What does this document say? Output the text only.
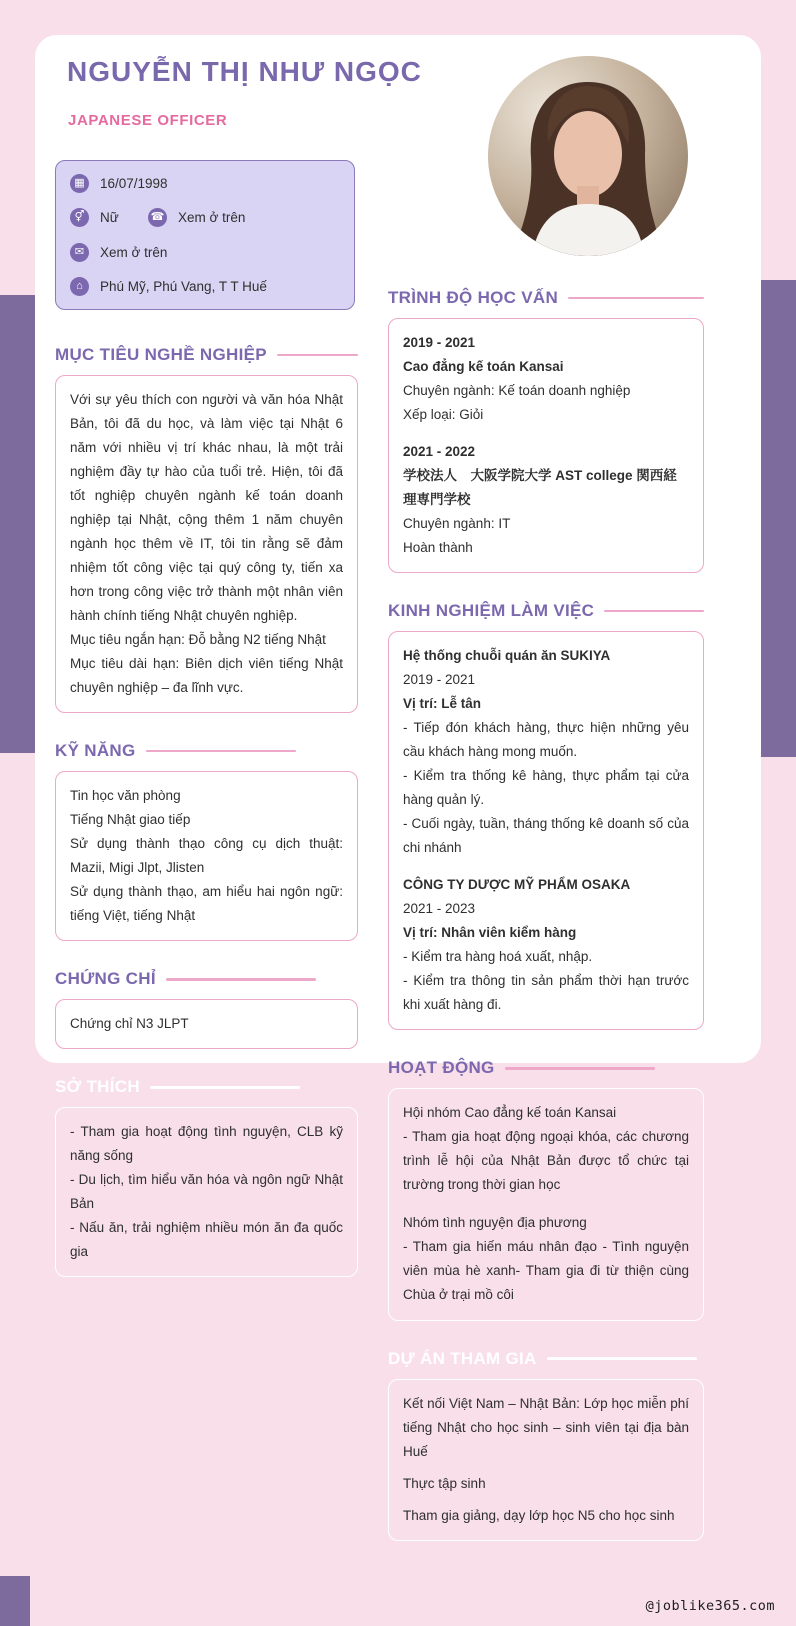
NGUYỄN THỊ NHƯ NGỌC
JAPANESE OFFICER
▦	16/07/1998
⚥	Nữ	☎ Xem ở trên
✉	Xem ở trên
⌂	Phú Mỹ, Phú Vang, T T Huế
MỤC TIÊU NGHỀ NGHIỆP

Với sự yêu thích con người và văn hóa Nhật Bản, tôi đã du học, và làm việc tại Nhật 6 năm với nhiều vị trí khác nhau, là một trải nghiệm đầy tự hào của tuổi trẻ. Hiện, tôi đã tốt nghiệp chuyên ngành kế toán doanh nghiệp tại Nhật, cộng thêm 1 năm chuyên ngành học thêm về IT, tôi tin rằng sẽ đảm nhiệm tốt công việc tại quý công ty, tiến xa hơn trong công việc trở thành một nhân viên hành chính tiếng Nhật chuyên nghiệp.

Mục tiêu ngắn hạn: Đỗ bằng N2 tiếng Nhật

Mục tiêu dài hạn: Biên dịch viên tiếng Nhật chuyên nghiệp – đa lĩnh vực.

KỸ NĂNG
Tin học văn phòng
Tiếng Nhật giao tiếp
Sử dụng thành thạo công cụ dịch thuật: Mazii, Migi Jlpt, Jlisten
Sử dụng thành thạo, am hiểu hai ngôn ngữ: tiếng Việt, tiếng Nhật
CHỨNG CHỈ
Chứng chỉ N3 JLPT
SỞ THÍCH
- Tham gia hoạt động tình nguyện, CLB kỹ năng sống
- Du lịch, tìm hiểu văn hóa và ngôn ngữ Nhật Bản
- Nấu ăn, trải nghiệm nhiều món ăn đa quốc gia
TRÌNH ĐỘ HỌC VẤN
2019 - 2021
Cao đẳng kế toán Kansai
Chuyên ngành: Kế toán doanh nghiệp
Xếp loại: Giỏi
2021 - 2022
学校法人　大阪学院大学 AST college 関西経理専門学校
Chuyên ngành: IT
Hoàn thành
KINH NGHIỆM LÀM VIỆC
Hệ thống chuỗi quán ăn SUKIYA
2019 - 2021
Vị trí: Lễ tân
- Tiếp đón khách hàng, thực hiện những yêu cầu khách hàng mong muốn.
- Kiểm tra thống kê hàng, thực phẩm tại cửa hàng quản lý.
- Cuối ngày, tuần, tháng thống kê doanh số của chi nhánh
CÔNG TY DƯỢC MỸ PHẨM OSAKA
2021 - 2023
Vị trí: Nhân viên kiểm hàng
- Kiểm tra hàng hoá xuất, nhập.
- Kiểm tra thông tin sản phẩm thời hạn trước khi xuất hàng đi.
HOẠT ĐỘNG
Hội nhóm Cao đẳng kế toán Kansai
- Tham gia hoạt động ngoại khóa, các chương trình lễ hội của Nhật Bản được tổ chức tại trường trong thời gian học
Nhóm tình nguyện địa phương
- Tham gia hiến máu nhân đạo - Tình nguyện viên mùa hè xanh- Tham gia đi từ thiện cùng Chùa ở trại mồ côi
DỰ ÁN THAM GIA
Kết nối Việt Nam – Nhật Bản: Lớp học miễn phí tiếng Nhật cho học sinh – sinh viên tại địa bàn Huế
Thực tập sinh
Tham gia giảng, dạy lớp học N5 cho học sinh
@joblike365.com
